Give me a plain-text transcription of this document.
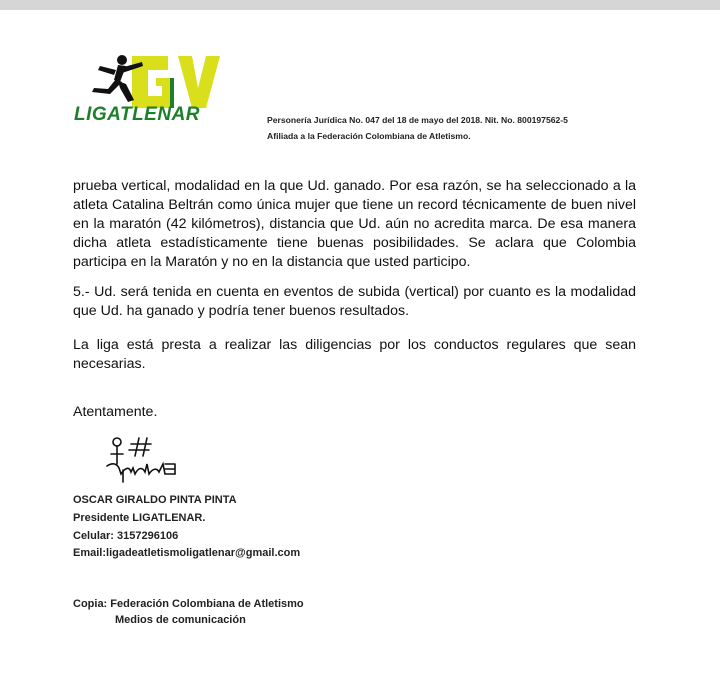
LIGATLENAR	Personería Jurídica No. 047 del 18 de mayo del 2018. Nit. No. 800197562-5
Afiliada a la Federación Colombiana de Atletismo.
prueba vertical, modalidad en la que Ud. ganado. Por esa razón, se ha seleccionado a la atleta Catalina Beltrán como única mujer que tiene un record técnicamente de buen nivel en la maratón (42 kilómetros), distancia que Ud. aún no acredita marca. De esa manera dicha atleta estadísticamente tiene buenas posibilidades. Se aclara que Colombia participa en la Maratón y no en la distancia que usted participo.
5.- Ud. será tenida en cuenta en eventos de subida (vertical) por cuanto es la modalidad que Ud. ha ganado y podría tener buenos resultados.
La liga está presta a realizar las diligencias por los conductos regulares que sean necesarias.
Atentamente.
OSCAR GIRALDO PINTA PINTA
Presidente LIGATLENAR.
Celular: 3157296106
Email:ligadeatletismoligatlenar@gmail.com
Copia: Federación Colombiana de Atletismo
Medios de comunicación
